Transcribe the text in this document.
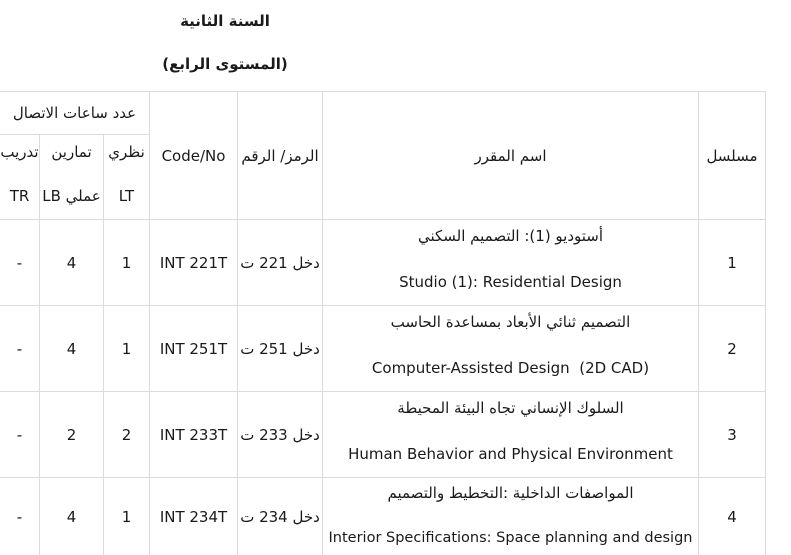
السنة الثانية
(المستوى الرابع)
مسلسل
اسم المقرر
الرمز/ الرقم
Code/No
عدد ساعات الاتصال
نظري
LT
تمارين
عملي LB
تدريب
TR
1
أستوديو (1): التصميم السكني
Studio (1): Residential Design
دخل 221 ت
INT 221T
1
4
-
2
التصميم ثنائي الأبعاد بمساعدة الحاسب
Computer-Assisted Design  (2D CAD)
دخل 251 ت
INT 251T
1
4
-
3
السلوك الإنساني تجاه البيئة المحيطة
Human Behavior and Physical Environment
دخل 233 ت
INT 233T
2
2
-
4
المواصفات الداخلية :التخطيط والتصميم
Interior Specifications: Space planning and design
دخل 234 ت
INT 234T
1
4
-
